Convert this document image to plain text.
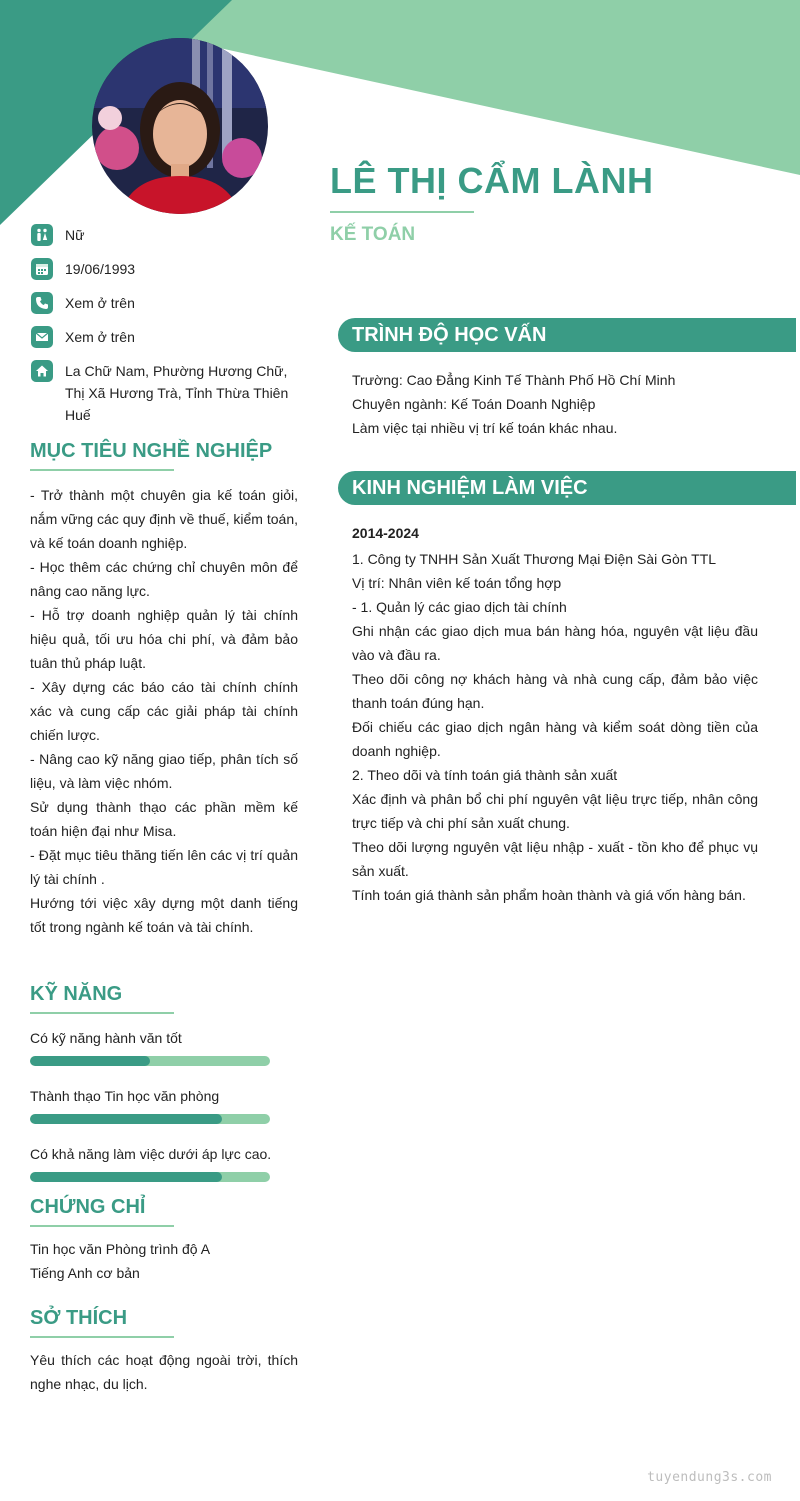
LÊ THỊ CẨM LÀNH
KẾ TOÁN
Nữ
19/06/1993
Xem ở trên
Xem ở trên
La Chữ Nam, Phường Hương Chữ, Thị Xã Hương Trà, Tỉnh Thừa Thiên Huế
MỤC TIÊU NGHỀ NGHIỆP
- Trở thành một chuyên gia kế toán giỏi, nắm vững các quy định về thuế, kiểm toán, và kế toán doanh nghiệp.
- Học thêm các chứng chỉ chuyên môn để nâng cao năng lực.
- Hỗ trợ doanh nghiệp quản lý tài chính hiệu quả, tối ưu hóa chi phí, và đảm bảo tuân thủ pháp luật.
- Xây dựng các báo cáo tài chính chính xác và cung cấp các giải pháp tài chính chiến lược.
- Nâng cao kỹ năng giao tiếp, phân tích số liệu, và làm việc nhóm.
Sử dụng thành thạo các phần mềm kế toán hiện đại như Misa.
- Đặt mục tiêu thăng tiến lên các vị trí quản lý tài chính .
Hướng tới việc xây dựng một danh tiếng tốt trong ngành kế toán và tài chính.
KỸ NĂNG
Có kỹ năng hành văn tốt
Thành thạo Tin học văn phòng
Có khả năng làm việc dưới áp lực cao.
CHỨNG CHỈ
Tin học văn Phòng trình độ A
Tiếng Anh cơ bản
SỞ THÍCH
Yêu thích các hoạt động ngoài trời, thích nghe nhạc, du lịch.
TRÌNH ĐỘ HỌC VẤN
Trường: Cao Đẳng Kinh Tế Thành Phố Hồ Chí Minh
Chuyên ngành: Kế Toán Doanh Nghiệp
Làm việc tại nhiều vị trí kế toán khác nhau.
KINH NGHIỆM LÀM VIỆC
2014-2024
1. Công ty TNHH Sản Xuất Thương Mại Điện Sài Gòn TTL
Vị trí: Nhân viên kế toán tổng hợp
- 1. Quản lý các giao dịch tài chính
Ghi nhận các giao dịch mua bán hàng hóa, nguyên vật liệu đầu vào và đầu ra.
Theo dõi công nợ khách hàng và nhà cung cấp, đảm bảo việc thanh toán đúng hạn.
Đối chiếu các giao dịch ngân hàng và kiểm soát dòng tiền của doanh nghiệp.
2. Theo dõi và tính toán giá thành sản xuất
Xác định và phân bổ chi phí nguyên vật liệu trực tiếp, nhân công trực tiếp và chi phí sản xuất chung.
Theo dõi lượng nguyên vật liệu nhập - xuất - tồn kho để phục vụ sản xuất.
Tính toán giá thành sản phẩm hoàn thành và giá vốn hàng bán.
tuyendung3s.com
